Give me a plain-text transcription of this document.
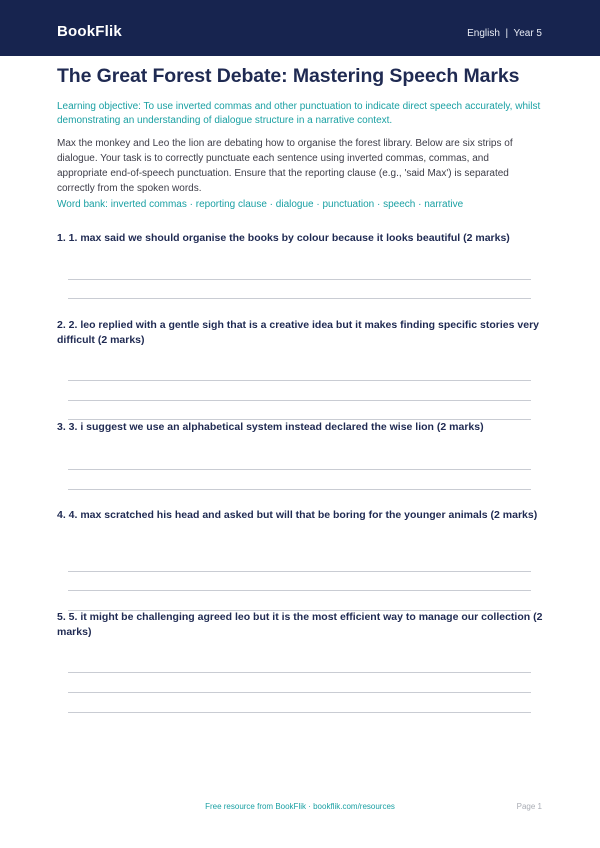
BookFlik	English  |  Year 5
The Great Forest Debate: Mastering Speech Marks

Learning objective: To use inverted commas and other punctuation to indicate direct speech accurately, whilst demonstrating an understanding of dialogue structure in a narrative context.

Max the monkey and Leo the lion are debating how to organise the forest library. Below are six strips of dialogue. Your task is to correctly punctuate each sentence using inverted commas, commas, and appropriate end-of-speech punctuation. Ensure that the reporting clause (e.g., 'said Max') is separated correctly from the spoken words.

Word bank: inverted commas · reporting clause · dialogue · punctuation · speech · narrative

1. 1. max said we should organise the books by colour because it looks beautiful (2 marks)

2. 2. leo replied with a gentle sigh that is a creative idea but it makes finding specific stories very difficult (2 marks)

3. 3. i suggest we use an alphabetical system instead declared the wise lion (2 marks)

4. 4. max scratched his head and asked but will that be boring for the younger animals (2 marks)

5. 5. it might be challenging agreed leo but it is the most efficient way to manage our collection (2 marks)

Free resource from BookFlik · bookflik.com/resources	Page 1
